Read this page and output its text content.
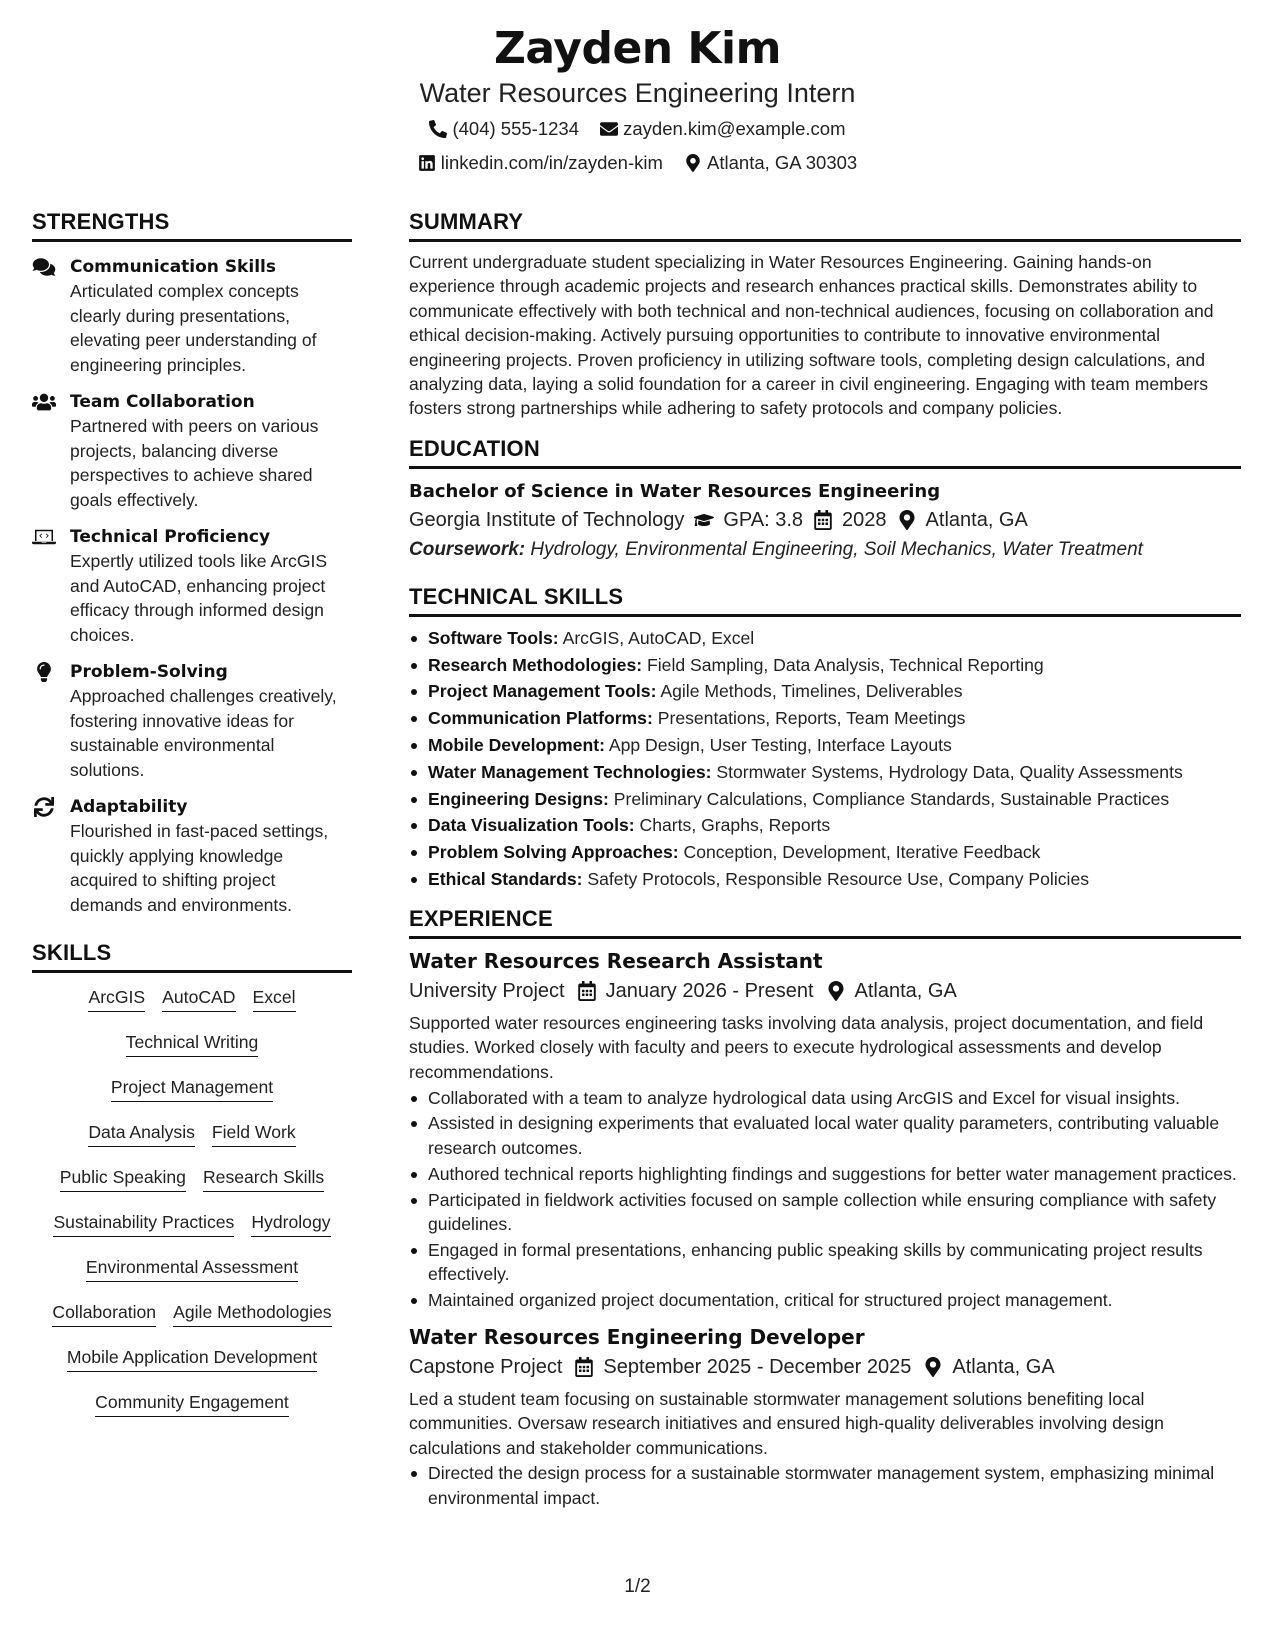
Zayden Kim
Water Resources Engineering Intern
(404) 555-1234
zayden.kim@example.com
linkedin.com/in/zayden-kim
Atlanta, GA 30303
STRENGTHS
Communication Skills
Articulated complex concepts clearly during presentations, elevating peer understanding of engineering principles.
Team Collaboration
Partnered with peers on various projects, balancing diverse perspectives to achieve shared goals effectively.
Technical Proficiency
Expertly utilized tools like ArcGIS and AutoCAD, enhancing project efficacy through informed design choices.
Problem-Solving
Approached challenges creatively, fostering innovative ideas for sustainable environmental solutions.
Adaptability
Flourished in fast-paced settings, quickly applying knowledge acquired to shifting project demands and environments.
SKILLS
ArcGIS AutoCAD Excel
Technical Writing
Project Management
Data Analysis Field Work
Public Speaking Research Skills
Sustainability Practices Hydrology
Environmental Assessment
Collaboration Agile Methodologies
Mobile Application Development
Community Engagement
SUMMARY
Current undergraduate student specializing in Water Resources Engineering. Gaining hands-on experience through academic projects and research enhances practical skills. Demonstrates ability to communicate effectively with both technical and non-technical audiences, focusing on collaboration and ethical decision-making. Actively pursuing opportunities to contribute to innovative environmental engineering projects. Proven proficiency in utilizing software tools, completing design calculations, and analyzing data, laying a solid foundation for a career in civil engineering. Engaging with team members fosters strong partnerships while adhering to safety protocols and company policies.
EDUCATION
Bachelor of Science in Water Resources Engineering
Georgia Institute of Technology GPA: 3.8 2028 Atlanta, GA
Coursework: Hydrology, Environmental Engineering, Soil Mechanics, Water Treatment
TECHNICAL SKILLS
Software Tools: ArcGIS, AutoCAD, Excel
Research Methodologies: Field Sampling, Data Analysis, Technical Reporting
Project Management Tools: Agile Methods, Timelines, Deliverables
Communication Platforms: Presentations, Reports, Team Meetings
Mobile Development: App Design, User Testing, Interface Layouts
Water Management Technologies: Stormwater Systems, Hydrology Data, Quality Assessments
Engineering Designs: Preliminary Calculations, Compliance Standards, Sustainable Practices
Data Visualization Tools: Charts, Graphs, Reports
Problem Solving Approaches: Conception, Development, Iterative Feedback
Ethical Standards: Safety Protocols, Responsible Resource Use, Company Policies
EXPERIENCE
Water Resources Research Assistant
University Project January 2026 - Present Atlanta, GA
Supported water resources engineering tasks involving data analysis, project documentation, and field studies. Worked closely with faculty and peers to execute hydrological assessments and develop recommendations.
Collaborated with a team to analyze hydrological data using ArcGIS and Excel for visual insights.
Assisted in designing experiments that evaluated local water quality parameters, contributing valuable research outcomes.
Authored technical reports highlighting findings and suggestions for better water management practices.
Participated in fieldwork activities focused on sample collection while ensuring compliance with safety guidelines.
Engaged in formal presentations, enhancing public speaking skills by communicating project results effectively.
Maintained organized project documentation, critical for structured project management.
Water Resources Engineering Developer
Capstone Project September 2025 - December 2025 Atlanta, GA
Led a student team focusing on sustainable stormwater management solutions benefiting local communities. Oversaw research initiatives and ensured high-quality deliverables involving design calculations and stakeholder communications.
Directed the design process for a sustainable stormwater management system, emphasizing minimal environmental impact.
1/2
